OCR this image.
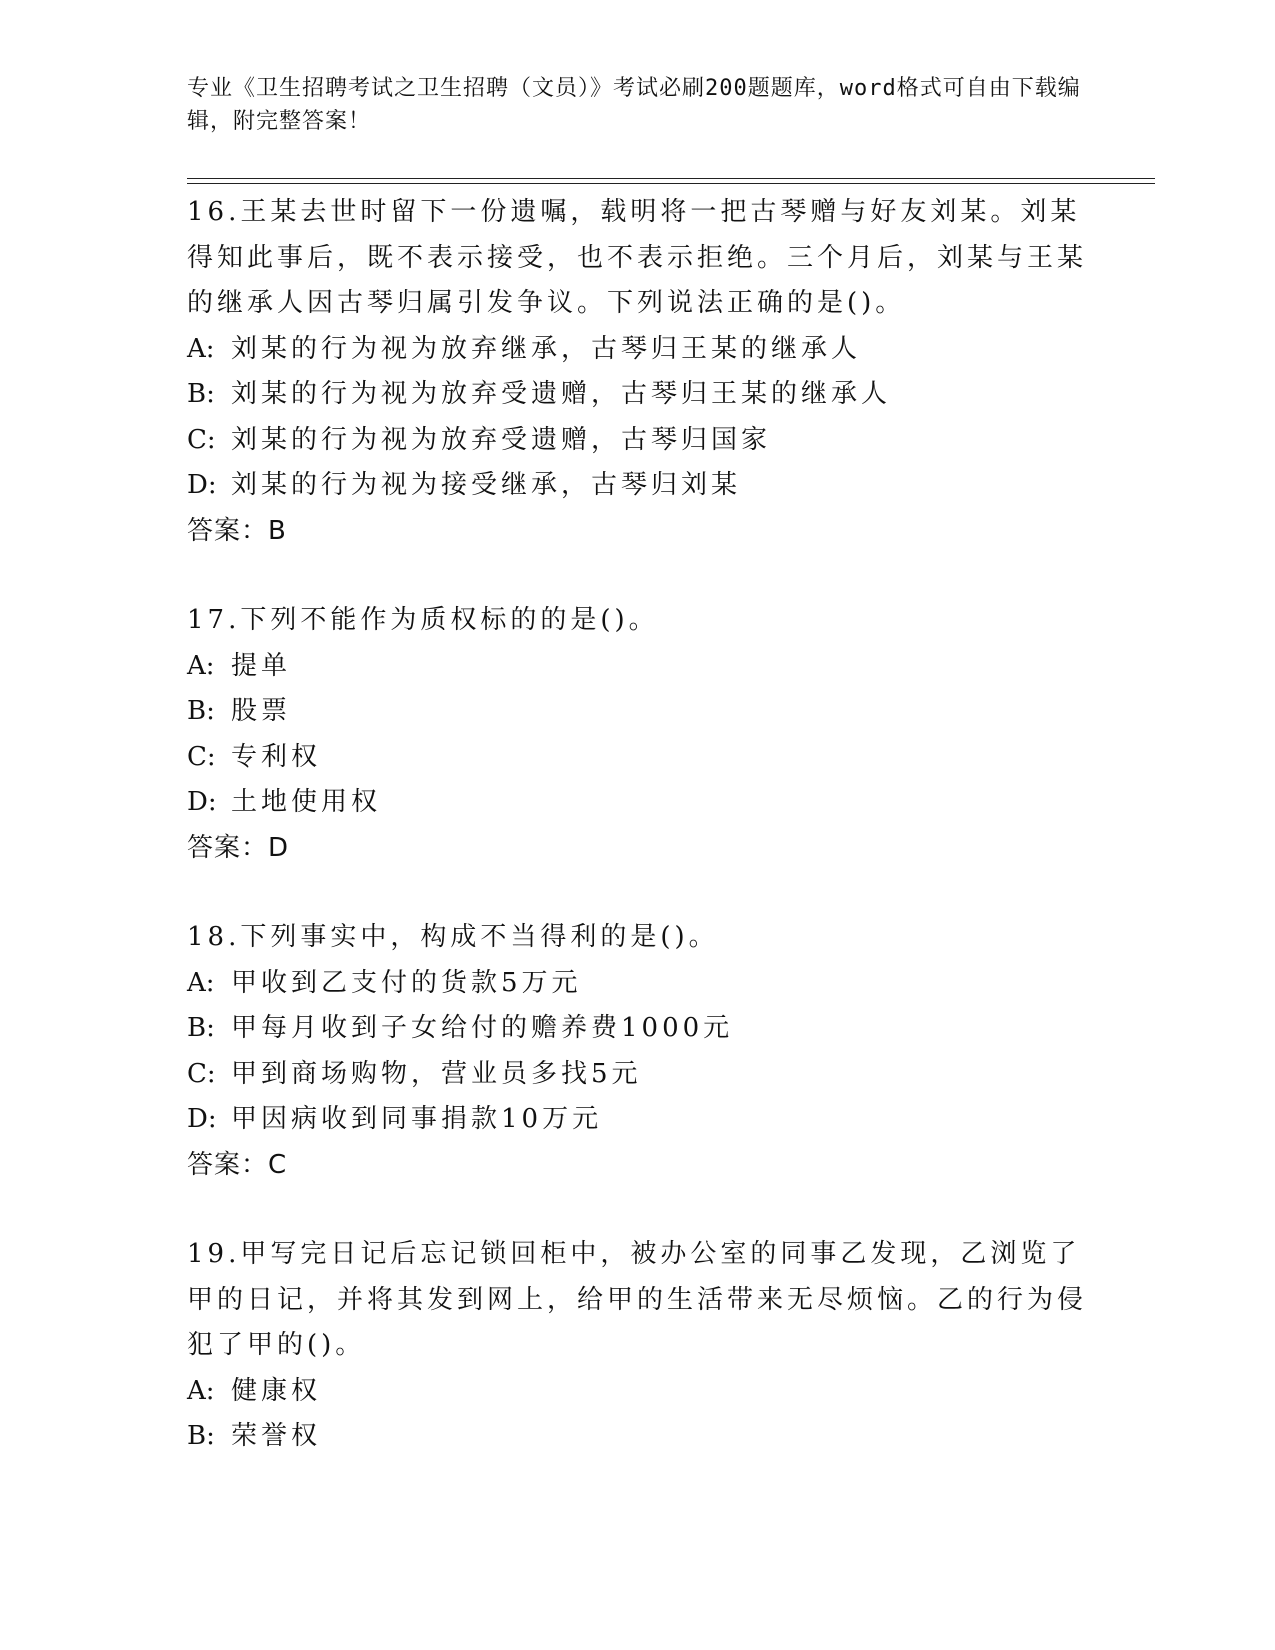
专业《卫生招聘考试之卫生招聘（文员）》考试必刷200题题库，word格式可自由下载编辑，附完整答案！

16.王某去世时留下一份遗嘱，载明将一把古琴赠与好友刘某。刘某得知此事后，既不表示接受，也不表示拒绝。三个月后，刘某与王某的继承人因古琴归属引发争议。下列说法正确的是()。

A: 刘某的行为视为放弃继承，古琴归王某的继承人

B: 刘某的行为视为放弃受遗赠，古琴归王某的继承人

C: 刘某的行为视为放弃受遗赠，古琴归国家

D: 刘某的行为视为接受继承，古琴归刘某

答案：B

17.下列不能作为质权标的的是()。

A: 提单

B: 股票

C: 专利权

D: 土地使用权

答案：D

18.下列事实中，构成不当得利的是()。

A: 甲收到乙支付的货款5万元

B: 甲每月收到子女给付的赡养费1000元

C: 甲到商场购物，营业员多找5元

D: 甲因病收到同事捐款10万元

答案：C

19.甲写完日记后忘记锁回柜中，被办公室的同事乙发现，乙浏览了甲的日记，并将其发到网上，给甲的生活带来无尽烦恼。乙的行为侵犯了甲的()。

A: 健康权

B: 荣誉权
